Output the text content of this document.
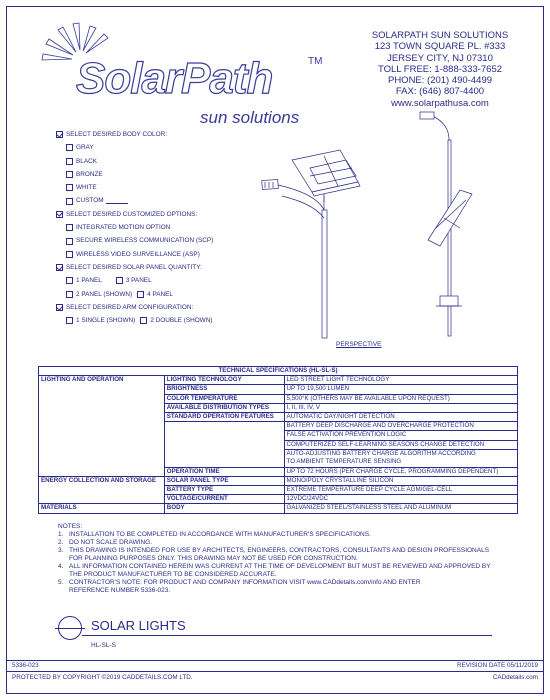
SolarPath	TM
sun solutions
SOLARPATH SUN SOLUTIONS
123 TOWN SQUARE PL. #333
JERSEY CITY, NJ 07310
TOLL FREE: 1-888-333-7652
PHONE: (201) 490-4499
FAX: (646) 807-4400
www.solarpathusa.com
SELECT DESIRED BODY COLOR:
GRAY
BLACK
BRONZE
WHITE
CUSTOM
SELECT DESIRED CUSTOMIZED OPTIONS:
INTEGRATED MOTION OPTION
SECURE WIRELESS COMMUNICATION (SCP)
WIRELESS VIDEO SURVEILLANCE (ASP)
SELECT DESIRED SOLAR PANEL QUANTITY:
1 PANEL	3 PANEL
2 PANEL (SHOWN) 4 PANEL
SELECT DESIRED ARM CONFIGURATION:
1 SINGLE (SHOWN) 2 DOUBLE (SHOWN)
PERSPECTIVE
TECHNICAL SPECIFICATIONS (HL-SL-S)		
LIGHTING AND OPERATION	LIGHTING TECHNOLOGY	LED STREET LIGHT TECHNOLOGY
	BRIGHTNESS	UP TO 19,500 LUMEN
	COLOR TEMPERATURE	5,500°K (OTHERS MAY BE AVAILABLE UPON REQUEST)
	AVAILABLE DISTRIBUTION TYPES	I, II, III, IV, V
	STANDARD OPERATION FEATURES	AUTOMATIC DAY/NIGHT DETECTION
		BATTERY DEEP DISCHARGE AND OVERCHARGE PROTECTION
		FALSE ACTIVATION PREVENTION LOGIC
		COMPUTERIZED SELF-LEARNING SEASONS CHANGE DETECTION
		AUTO-ADJUSTING BATTERY CHARGE ALGORITHM ACCORDING
		TO AMBIENT TEMPERATURE SENSING
	OPERATION TIME	UP TO 72 HOURS (PER CHARGE CYCLE, PROGRAMMING DEPENDENT)
ENERGY COLLECTION AND STORAGE	SOLAR PANEL TYPE	MONO/POLY CRYSTALLINE SILICON
	BATTERY TYPE	EXTREME TEMPERATURE DEEP CYCLE AGM/GEL-CELL
	VOLTAGE/CURRENT	12VDC/24VDC
MATERIALS	BODY	GALVANIZED STEEL/STAINLESS STEEL AND ALUMINUM
NOTES:
1. INSTALLATION TO BE COMPLETED IN ACCORDANCE WITH MANUFACTURER'S SPECIFICATIONS.
2. DO NOT SCALE DRAWING.
3. THIS DRAWING IS INTENDED FOR USE BY ARCHITECTS, ENGINEERS, CONTRACTORS, CONSULTANTS AND DESIGN PROFESSIONALS
FOR PLANNING PURPOSES ONLY. THIS DRAWING MAY NOT BE USED FOR CONSTRUCTION.
4. ALL INFORMATION CONTAINED HEREIN WAS CURRENT AT THE TIME OF DEVELOPMENT BUT MUST BE REVIEWED AND APPROVED BY
THE PRODUCT MANUFACTURER TO BE CONSIDERED ACCURATE.
5. CONTRACTOR'S NOTE: FOR PRODUCT AND COMPANY INFORMATION VISIT www.CADdetails.com/info AND ENTER
REFERENCE NUMBER 5336-023.
SOLAR LIGHTS
HL-SL-S
5336-023	REVISION DATE 05/11/2019
PROTECTED BY COPYRIGHT ©2019 CADDETAILS.COM LTD.	CADdetails.com
